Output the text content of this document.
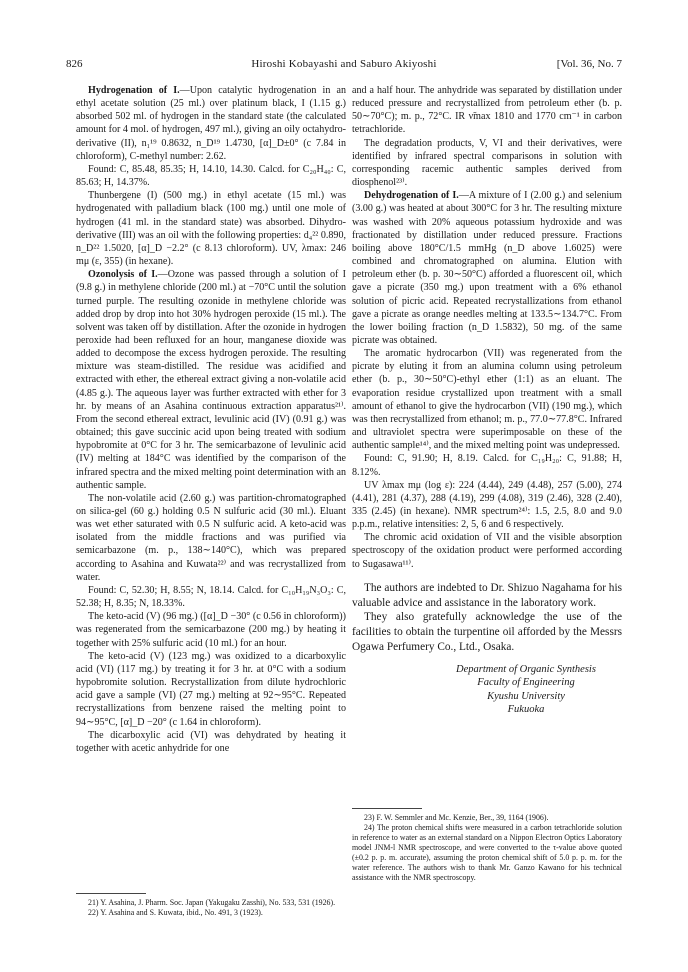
826	Hiroshi Kobayashi and Saburo Akiyoshi	[Vol. 36, No. 7

Hydrogenation of I.—Upon catalytic hydrogenation in an ethyl acetate solution (25 ml.) over platinum black, I (1.15 g.) absorbed 502 ml. of hydrogen in the standard state (the calculated amount for 4 mol. of hydrogen, 497 ml.), giving an oily octahydro-derivative (II), n₁¹⁹ 0.8632, n_D¹⁹ 1.4730, [α]_D±0° (c 7.84 in chloroform), C-methyl number: 2.62.

Found: C, 85.48, 85.35; H, 14.10, 14.30. Calcd. for C₂₀H₄₀: C, 85.63; H, 14.37%.

Thunbergene (I) (500 mg.) in ethyl acetate (15 ml.) was hydrogenated with palladium black (100 mg.) until one mole of hydrogen (41 ml. in the standard state) was absorbed. Dihydro-derivative (III) was an oil with the following properties: d₄²² 0.890, n_D²² 1.5020, [α]_D −2.2° (c 8.13 chloroform). UV, λmax: 246 mμ (ε, 355) (in hexane).

Ozonolysis of I.—Ozone was passed through a solution of I (9.8 g.) in methylene chloride (200 ml.) at −70°C until the solution turned purple. The resulting ozonide in methylene chloride was added drop by drop into hot 30% hydrogen peroxide (15 ml.). The solvent was taken off by distillation. After the ozonide in hydrogen peroxide had been refluxed for an hour, manganese dioxide was added to decompose the excess hydrogen peroxide. The resulting mixture was steam-distilled. The residue was acidified and extracted with ether, the ethereal extract giving a non-volatile acid (4.85 g.). The aqueous layer was further extracted with ether for 3 hr. by means of an Asahina continuous extraction apparatus²¹⁾. From the second ethereal extract, levulinic acid (IV) (0.91 g.) was obtained; this gave succinic acid upon being treated with sodium hypobromite at 0°C for 3 hr. The semicarbazone of levulinic acid (IV) melting at 184°C was identified by the comparison of the infrared spectra and the mixed melting point determination with an authentic sample.

The non-volatile acid (2.60 g.) was partition-chromatographed on silica-gel (60 g.) holding 0.5 N sulfuric acid (30 ml.). Eluant was wet ether saturated with 0.5 N sulfuric acid. A keto-acid was isolated from the middle fractions and was purified via semicarbazone (m. p., 138∼140°C), which was prepared according to Asahina and Kuwata²²⁾ and was recrystallized from water.

Found: C, 52.30; H, 8.55; N, 18.14. Calcd. for C₁₀H₁₉N₃O₃: C, 52.38; H, 8.35; N, 18.33%.

The keto-acid (V) (96 mg.) ([α]_D −30° (c 0.56 in chloroform)) was regenerated from the semicarbazone (200 mg.) by heating it together with 25% sulfuric acid (10 ml.) for an hour.

The keto-acid (V) (123 mg.) was oxidized to a dicarboxylic acid (VI) (117 mg.) by treating it for 3 hr. at 0°C with a sodium hypobromite solution. Recrystallization from dilute hydrochloric acid gave a sample (VI) (27 mg.) melting at 92∼95°C. Repeated recrystallizations from benzene raised the melting point to 94∼95°C, [α]_D −20° (c 1.64 in chloroform).

The dicarboxylic acid (VI) was dehydrated by heating it together with acetic anhydride for one

21) Y. Asahina, J. Pharm. Soc. Japan (Yakugaku Zasshi), No. 533, 531 (1926).

22) Y. Asahina and S. Kuwata, ibid., No. 491, 3 (1923).

and a half hour. The anhydride was separated by distillation under reduced pressure and recrystallized from petroleum ether (b. p. 50∼70°C); m. p., 72°C. IR ν̃max 1810 and 1770 cm⁻¹ in carbon tetrachloride.

The degradation products, V, VI and their derivatives, were identified by infrared spectral comparisons in solution with corresponding racemic authentic samples derived from diosphenol²³⁾.

Dehydrogenation of I.—A mixture of I (2.00 g.) and selenium (3.00 g.) was heated at about 300°C for 3 hr. The resulting mixture was washed with 20% aqueous potassium hydroxide and was fractionated by distillation under reduced pressure. Fractions boiling above 180°C/1.5 mmHg (n_D above 1.6025) were combined and chromatographed on alumina. Elution with petroleum ether (b. p. 30∼50°C) afforded a fluorescent oil, which gave a picrate (350 mg.) upon treatment with a 6% ethanol solution of picric acid. Repeated recrystallizations from ethanol gave a picrate as orange needles melting at 133.5∼134.7°C. From the lower boiling fraction (n_D 1.5832), 50 mg. of the same picrate was obtained.

The aromatic hydrocarbon (VII) was regenerated from the picrate by eluting it from an alumina column using petroleum ether (b. p., 30∼50°C)-ethyl ether (1:1) as an eluant. The evaporation residue crystallized upon treatment with a small amount of ethanol to give the hydrocarbon (VII) (190 mg.), which was then recrystallized from ethanol; m. p., 77.0∼77.8°C. Infrared and ultraviolet spectra were superimposable on these of the authentic sample¹⁴⁾, and the mixed melting point was undepressed.

Found: C, 91.90; H, 8.19. Calcd. for C₁₉H₂₀: C, 91.88; H, 8.12%.

UV λmax mμ (log ε): 224 (4.44), 249 (4.48), 257 (5.00), 274 (4.41), 281 (4.37), 288 (4.19), 299 (4.08), 319 (2.46), 328 (2.40), 335 (2.45) (in hexane). NMR spectrum²⁴⁾: 1.5, 2.5, 8.0 and 9.0 p.p.m., relative intensities: 2, 5, 6 and 6 respectively.

The chromic acid oxidation of VII and the visible absorption spectroscopy of the oxidation product were performed according to Sugasawa¹¹⁾.

The authors are indebted to Dr. Shizuo Nagahama for his valuable advice and assistance in the laboratory work.

They also gratefully acknowledge the use of the facilities to obtain the turpentine oil afforded by the Messrs Ogawa Perfumery Co., Ltd., Osaka.

Department of Organic Synthesis
Faculty of Engineering
Kyushu University
Fukuoka

23) F. W. Semmler and Mc. Kenzie, Ber., 39, 1164 (1906).

24) The proton chemical shifts were measured in a carbon tetrachloride solution in reference to water as an external standard on a Nippon Electron Optics Laboratory model JNM-l NMR spectroscope, and were converted to the τ-value above quoted (±0.2 p. p. m. accurate), assuming the proton chemical shift of 5.0 p. p. m. for the water reference. The authors wish to thank Mr. Ganzo Kawano for his technical assistance with the NMR spectroscopy.
